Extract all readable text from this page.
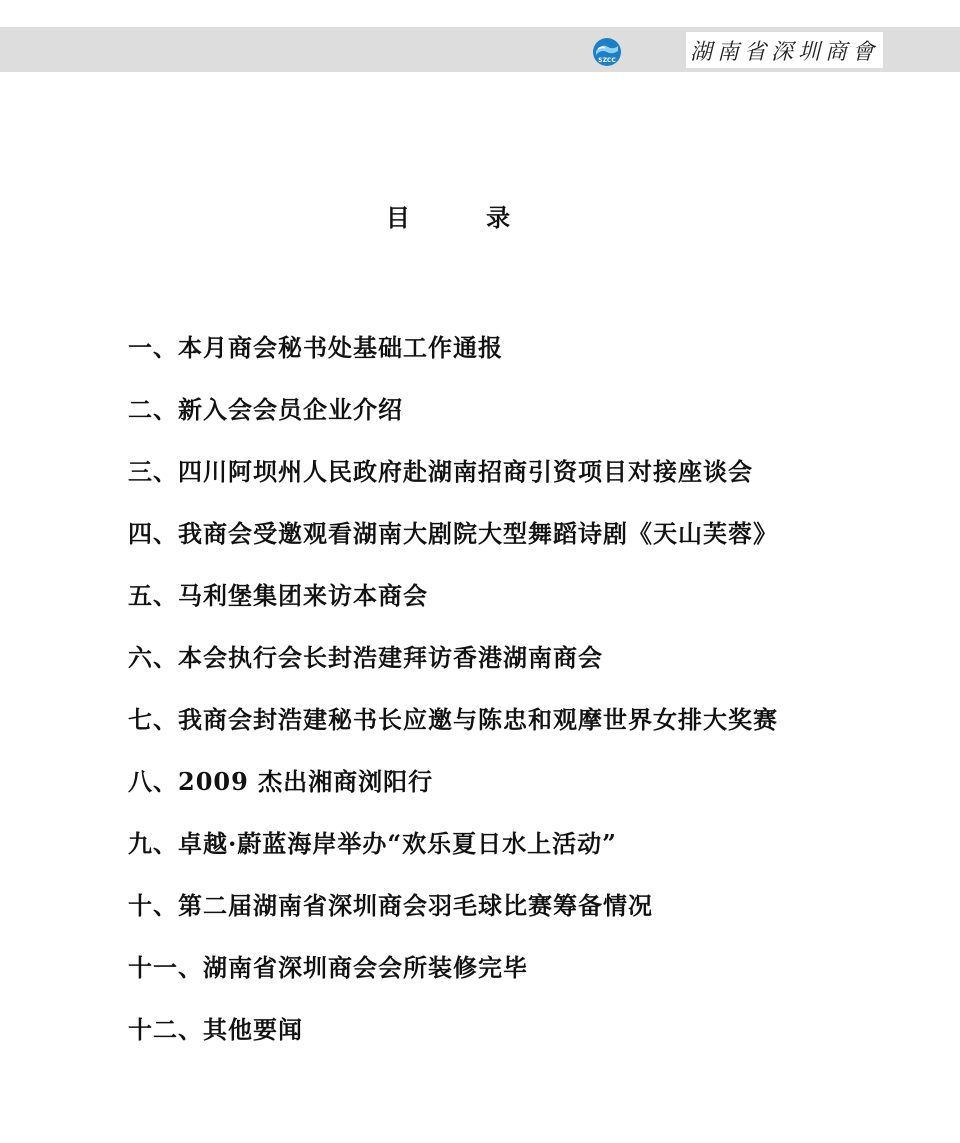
SZCC	湖南省深圳商會
目 录
一、本月商会秘书处基础工作通报
二、新入会会员企业介绍
三、四川阿坝州人民政府赴湖南招商引资项目对接座谈会
四、我商会受邀观看湖南大剧院大型舞蹈诗剧《天山芙蓉》
五、马利堡集团来访本商会
六、本会执行会长封浩建拜访香港湖南商会
七、我商会封浩建秘书长应邀与陈忠和观摩世界女排大奖赛
八、2009 杰出湘商浏阳行
九、卓越·蔚蓝海岸举办“欢乐夏日水上活动”
十、第二届湖南省深圳商会羽毛球比赛筹备情况
十一、湖南省深圳商会会所装修完毕
十二、其他要闻
